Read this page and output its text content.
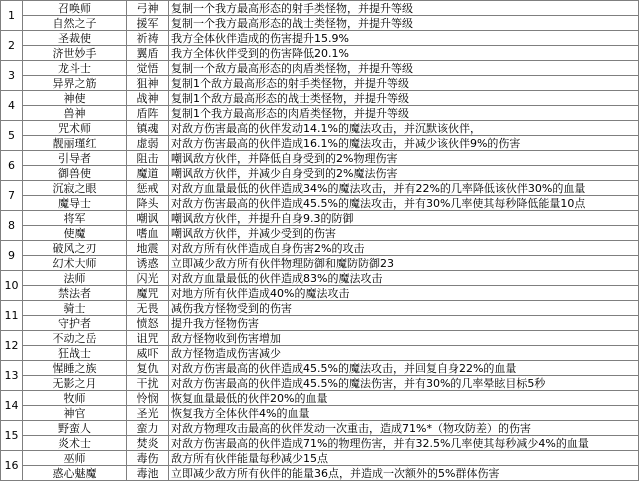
1	召唤师	弓神	复制一个我方最高形态的射手类怪物，并提升等级
	自然之子	援军	复制一个我方最高形态的战士类怪物，并提升等级
2	圣裁使	祈祷	我方全体伙伴造成的伤害提升15.9%
	济世妙手	翼盾	我方全体伙伴受到的伤害降低20.1%
3	龙斗士	觉悟	复制一个敌方最高形态的肉盾类怪物，并提升等级
	异界之筋	狙神	复制1个敌方最高形态的射手类怪物，并提升等级
4	神使	战神	复制1个敌方最高形态的战士类怪物，并提升等级
	兽神	盾阵	复制1个我方最高形态的肉盾类怪物，并提升等级
5	咒术师	镇魂	对敌方伤害最高的伙伴发动14.1%的魔法攻击，并沉默该伙伴，
	靓丽瑾红	虚弱	对敌方伤害最高的伙伴造成16.1%的魔法攻击，并减少该伙伴9%的伤害
6	引导者	阻击	嘲讽敌方伙伴，并降低自身受到的2%物理伤害
	御兽使	魔道	嘲讽敌方伙伴，并减少自身受到的2%魔法伤害
7	沉寂之眼	惩戒	对敌方血量最低的伙伴造成34%的魔法攻击，并有22%的几率降低该伙伴30%的血量
	魔导士	降头	对敌方伤害最高的伙伴造成45.5%的魔法攻击，并有30%几率使其每秒降低能量10点
8	将军	嘲讽	嘲讽敌方伙伴，并提升自身9.3的防御
	使魔	嗜血	嘲讽敌方伙伴，并减少受到的伤害
9	破风之刃	地震	对敌方所有伙伴造成自身伤害2%的攻击
	幻术大师	诱惑	立即减少敌方所有伙伴物理防御和魔防防御23
10	法师	闪光	对敌方血量最低的伙伴造成83%的魔法攻击
	禁法者	魔咒	对地方所有伙伴造成40%的魔法攻击
11	骑士	无畏	减伤我方怪物受到的伤害
	守护者	愤怒	提升我方怪物伤害
12	不动之岳	诅咒	敌方怪物收到伤害增加
	狂战士	威吓	敌方怪物造成伤害减少
13	惺睡之族	复仇	对敌方伤害最高的伙伴造成45.5%的魔法攻击，并回复自身22%的血量
	无影之月	干扰	对敌方伤害最高的伙伴造成45.5%的魔法伤害，并有30%的几率晕眩目标5秒
14	牧师	怜悯	恢复血量最低的伙伴20%的血量
	神官	圣光	恢复我方全体伙伴4%的血量
15	野蛮人	蛮力	对敌方物理攻击最高的伙伴发动一次重击，造成71%*（物攻防差）的伤害
	炎术士	焚炎	对敌方伤害最高的伙伴造成71%的物理伤害，并有32.5%几率使其每秒减少4%的血量
16	巫师	毒伤	敌方所有伙伴能量每秒减少15点
	惑心魅魔	毒池	立即减少敌方所有伙伴的能量36点，并造成一次额外的5%群体伤害
